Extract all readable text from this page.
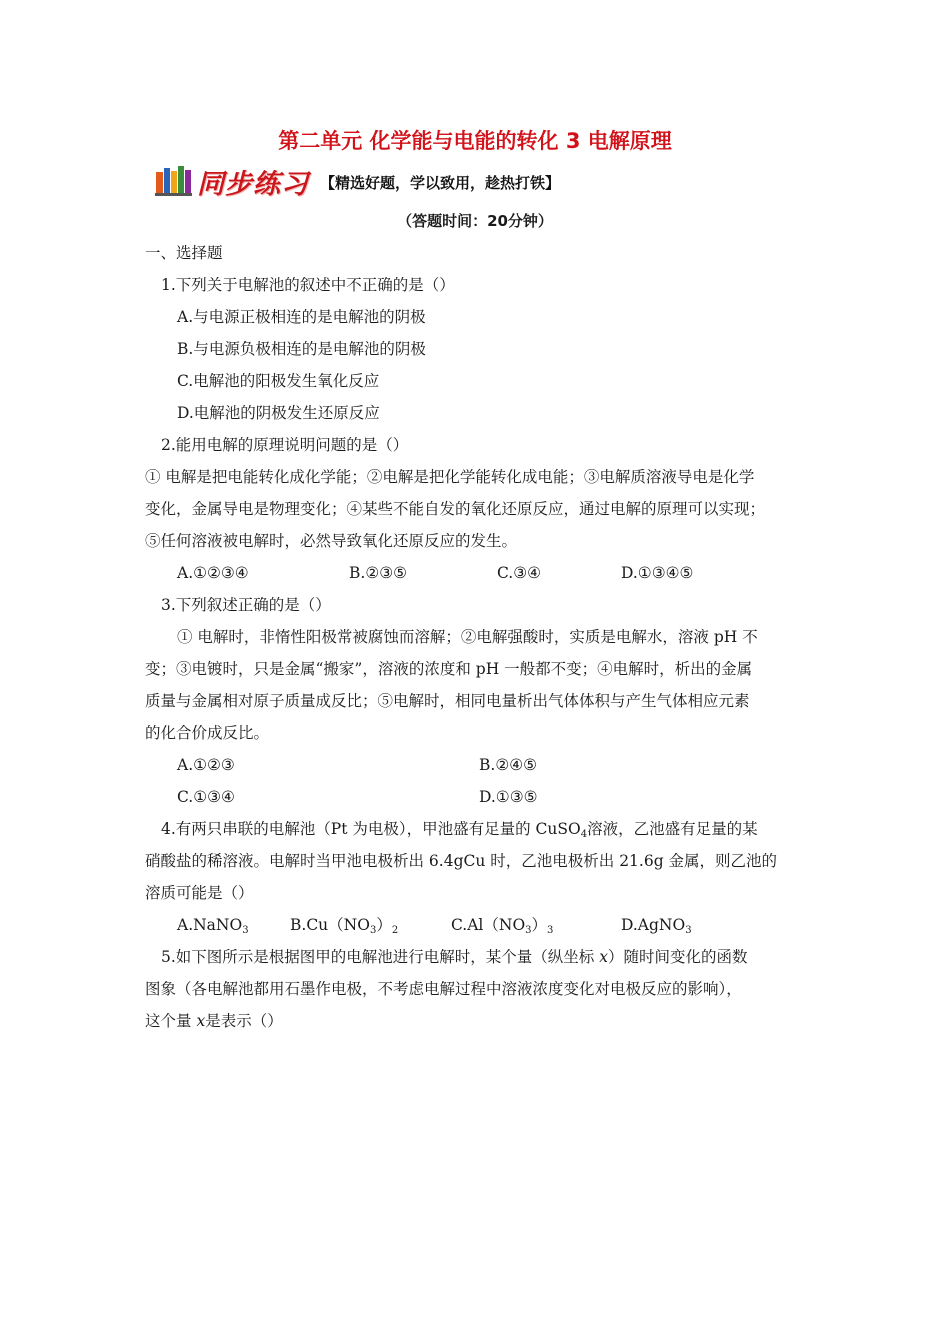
第二单元 化学能与电能的转化 3 电解原理
同步练习 【精选好题，学以致用，趁热打铁】
（答题时间：20分钟）
一、选择题
1.下列关于电解池的叙述中不正确的是（）
A.与电源正极相连的是电解池的阴极
B.与电源负极相连的是电解池的阴极
C.电解池的阳极发生氧化反应
D.电解池的阴极发生还原反应
2.能用电解的原理说明问题的是（）
① 电解是把电能转化成化学能；②电解是把化学能转化成电能；③电解质溶液导电是化学
变化，金属导电是物理变化；④某些不能自发的氧化还原反应，通过电解的原理可以实现；
⑤任何溶液被电解时，必然导致氧化还原反应的发生。
A.①②③④	B.②③⑤	C.③④	D.①③④⑤
3.下列叙述正确的是（）
① 电解时，非惰性阳极常被腐蚀而溶解；②电解强酸时，实质是电解水，溶液 pH 不
变；③电镀时，只是金属“搬家”，溶液的浓度和 pH 一般都不变；④电解时，析出的金属
质量与金属相对原子质量成反比；⑤电解时，相同电量析出气体体积与产生气体相应元素
的化合价成反比。
A.①②③	B.②④⑤
C.①③④	D.①③⑤
4.有两只串联的电解池（Pt 为电极），甲池盛有足量的 CuSO$_4$溶液，乙池盛有足量的某
硝酸盐的稀溶液。电解时当甲池电极析出 6.4gCu 时，乙池电极析出 21.6g 金属，则乙池的
溶质可能是（）
A.NaNO$_3$	$B.Cu(NO_3)_2$	$C.Al(NO_3)_3$	D.AgNO$_3$
5.如下图所示是根据图甲的电解池进行电解时，某个量（纵坐标 x）随时间变化的函数
图象（各电解池都用石墨作电极，不考虑电解过程中溶液浓度变化对电极反应的影响），
这个量 x是表示（）
